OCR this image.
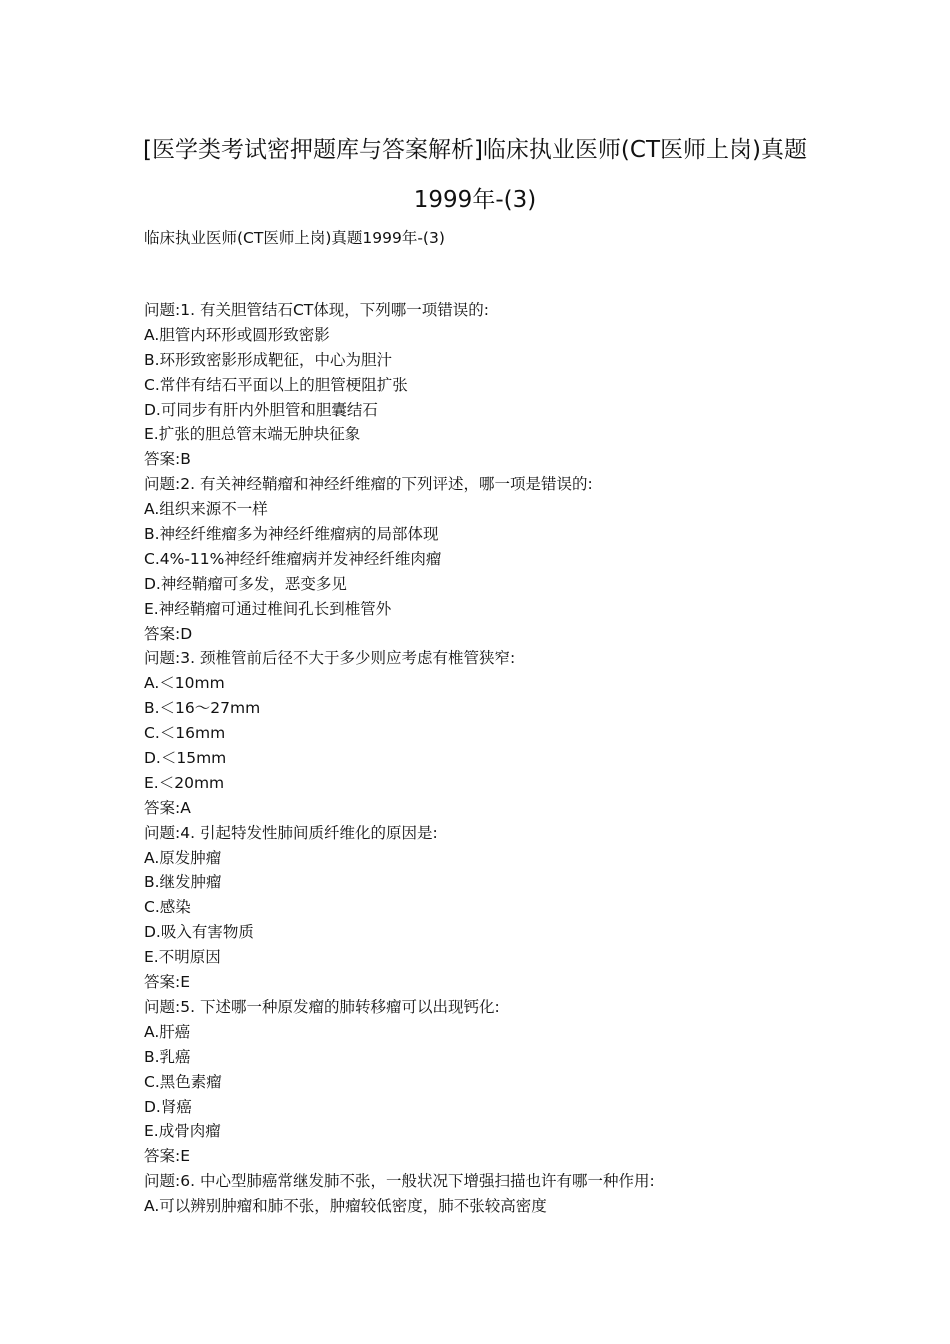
[医学类考试密押题库与答案解析]临床执业医师(CT医师上岗)真题
1999年-(3)
临床执业医师(CT医师上岗)真题1999年-(3)
问题:1. 有关胆管结石CT体现，下列哪一项错误的:
A.胆管内环形或圆形致密影
B.环形致密影形成靶征，中心为胆汁
C.常伴有结石平面以上的胆管梗阻扩张
D.可同步有肝内外胆管和胆囊结石
E.扩张的胆总管末端无肿块征象
答案:B
问题:2. 有关神经鞘瘤和神经纤维瘤的下列评述，哪一项是错误的:
A.组织来源不一样
B.神经纤维瘤多为神经纤维瘤病的局部体现
C.4%-11%神经纤维瘤病并发神经纤维肉瘤
D.神经鞘瘤可多发，恶变多见
E.神经鞘瘤可通过椎间孔长到椎管外
答案:D
问题:3. 颈椎管前后径不大于多少则应考虑有椎管狭窄:
A.＜10mm
B.＜16～27mm
C.＜16mm
D.＜15mm
E.＜20mm
答案:A
问题:4. 引起特发性肺间质纤维化的原因是:
A.原发肿瘤
B.继发肿瘤
C.感染
D.吸入有害物质
E.不明原因
答案:E
问题:5. 下述哪一种原发瘤的肺转移瘤可以出现钙化:
A.肝癌
B.乳癌
C.黑色素瘤
D.肾癌
E.成骨肉瘤
答案:E
问题:6. 中心型肺癌常继发肺不张，一般状况下增强扫描也许有哪一种作用:
A.可以辨别肿瘤和肺不张，肿瘤较低密度，肺不张较高密度
